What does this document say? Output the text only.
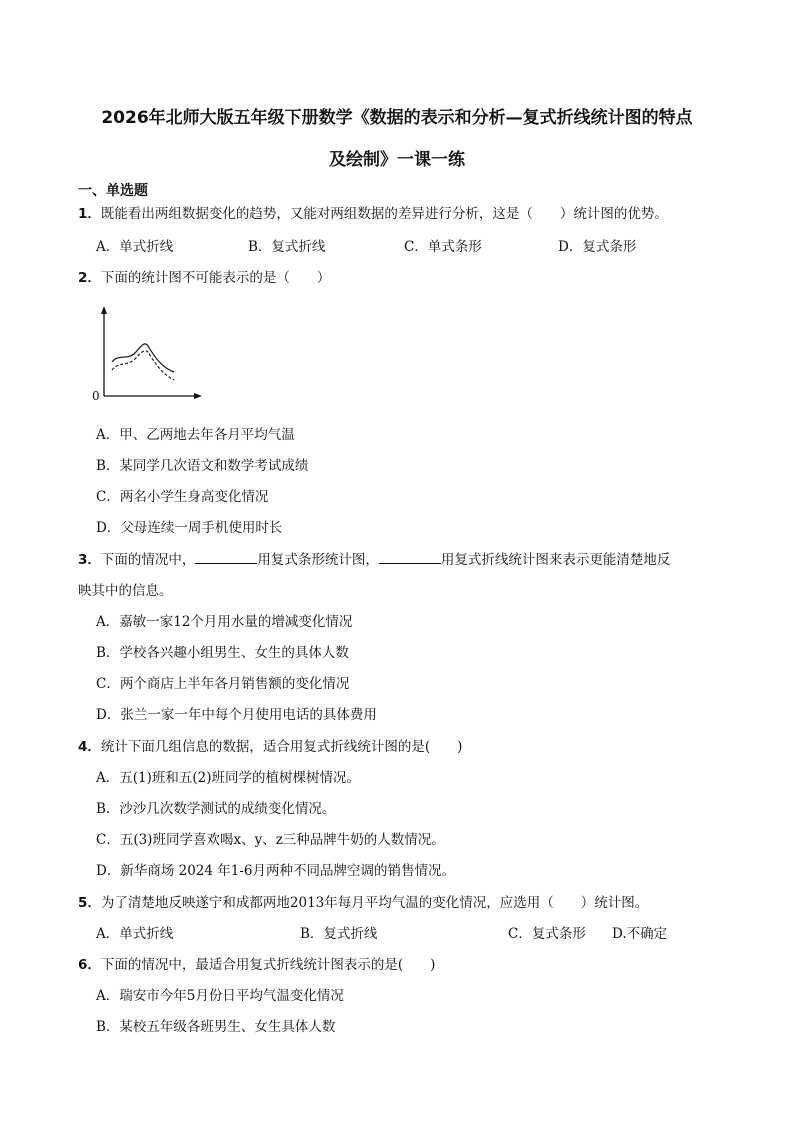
2026年北师大版五年级下册数学《数据的表示和分析—复式折线统计图的特点
及绘制》一课一练
一、单选题
1．既能看出两组数据变化的趋势，又能对两组数据的差异进行分析，这是（　　）统计图的优势。
A．单式折线	B．复式折线	C．单式条形	D．复式条形
2．下面的统计图不可能表示的是（　　）
0
A．甲、乙两地去年各月平均气温
B．某同学几次语文和数学考试成绩
C．两名小学生身高变化情况
D．父母连续一周手机使用时长
3．下面的情况中，	用复式条形统计图，	用复式折线统计图来表示更能清楚地反
映其中的信息。
A．嘉敏一家12个月用水量的增减变化情况
B．学校各兴趣小组男生、女生的具体人数
C．两个商店上半年各月销售额的变化情况
D．张兰一家一年中每个月使用电话的具体费用
4．统计下面几组信息的数据，适合用复式折线统计图的是(　　)
A．五(1)班和五(2)班同学的植树棵树情况。
B．沙沙几次数学测试的成绩变化情况。
C．五(3)班同学喜欢喝x、y、z三种品牌牛奶的人数情况。
D．新华商场 2024 年1-6月两种不同品牌空调的销售情况。
5．为了清楚地反映遂宁和成都两地2013年每月平均气温的变化情况，应选用（　　）统计图。
A．单式折线	B．复式折线	C．复式条形 D.不确定
6．下面的情况中，最适合用复式折线统计图表示的是(　　)
A．瑞安市今年5月份日平均气温变化情况
B．某校五年级各班男生、女生具体人数
